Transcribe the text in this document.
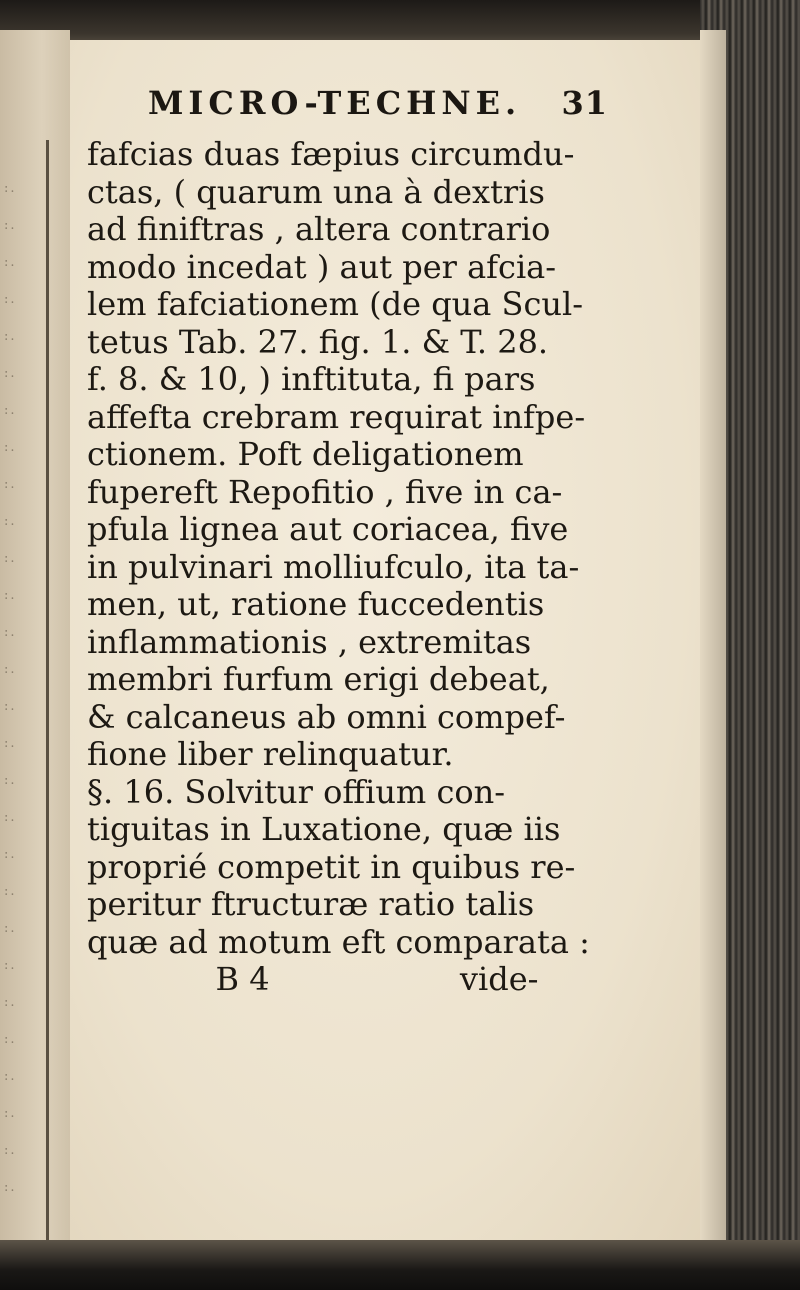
:.
:.
:.
:.
:.
:.
:.
:.
:.
:.
:.
:.
:.
:.
:.
:.
:.
:.
:.
:.
:.
:.
:.
:.
:.
:.
:.
:.
MICRO-TECHNE. 31
fafcias duas fæpius circumdu-
ctas, ( quarum una à dextris
ad finiftras , altera contrario
modo incedat ) aut per afcia-
lem fafciationem (de qua Scul-
tetus Tab. 27. fig. 1. & T. 28.
f. 8. & 10, ) inftituta, fi pars
affefta crebram requirat infpe-
ctionem. Poft deligationem
fupereft Repofitio , five in ca-
pfula lignea aut coriacea, five
in pulvinari molliufculo, ita ta-
men, ut, ratione fuccedentis
inflammationis , extremitas
membri furfum erigi debeat,
& calcaneus ab omni compef-
fione liber relinquatur.
§. 16. Solvitur offium con-
tiguitas in Luxatione, quæ iis
proprié competit in quibus re-
peritur ftructuræ ratio talis
quæ ad motum eft comparata :
B 4	vide-
